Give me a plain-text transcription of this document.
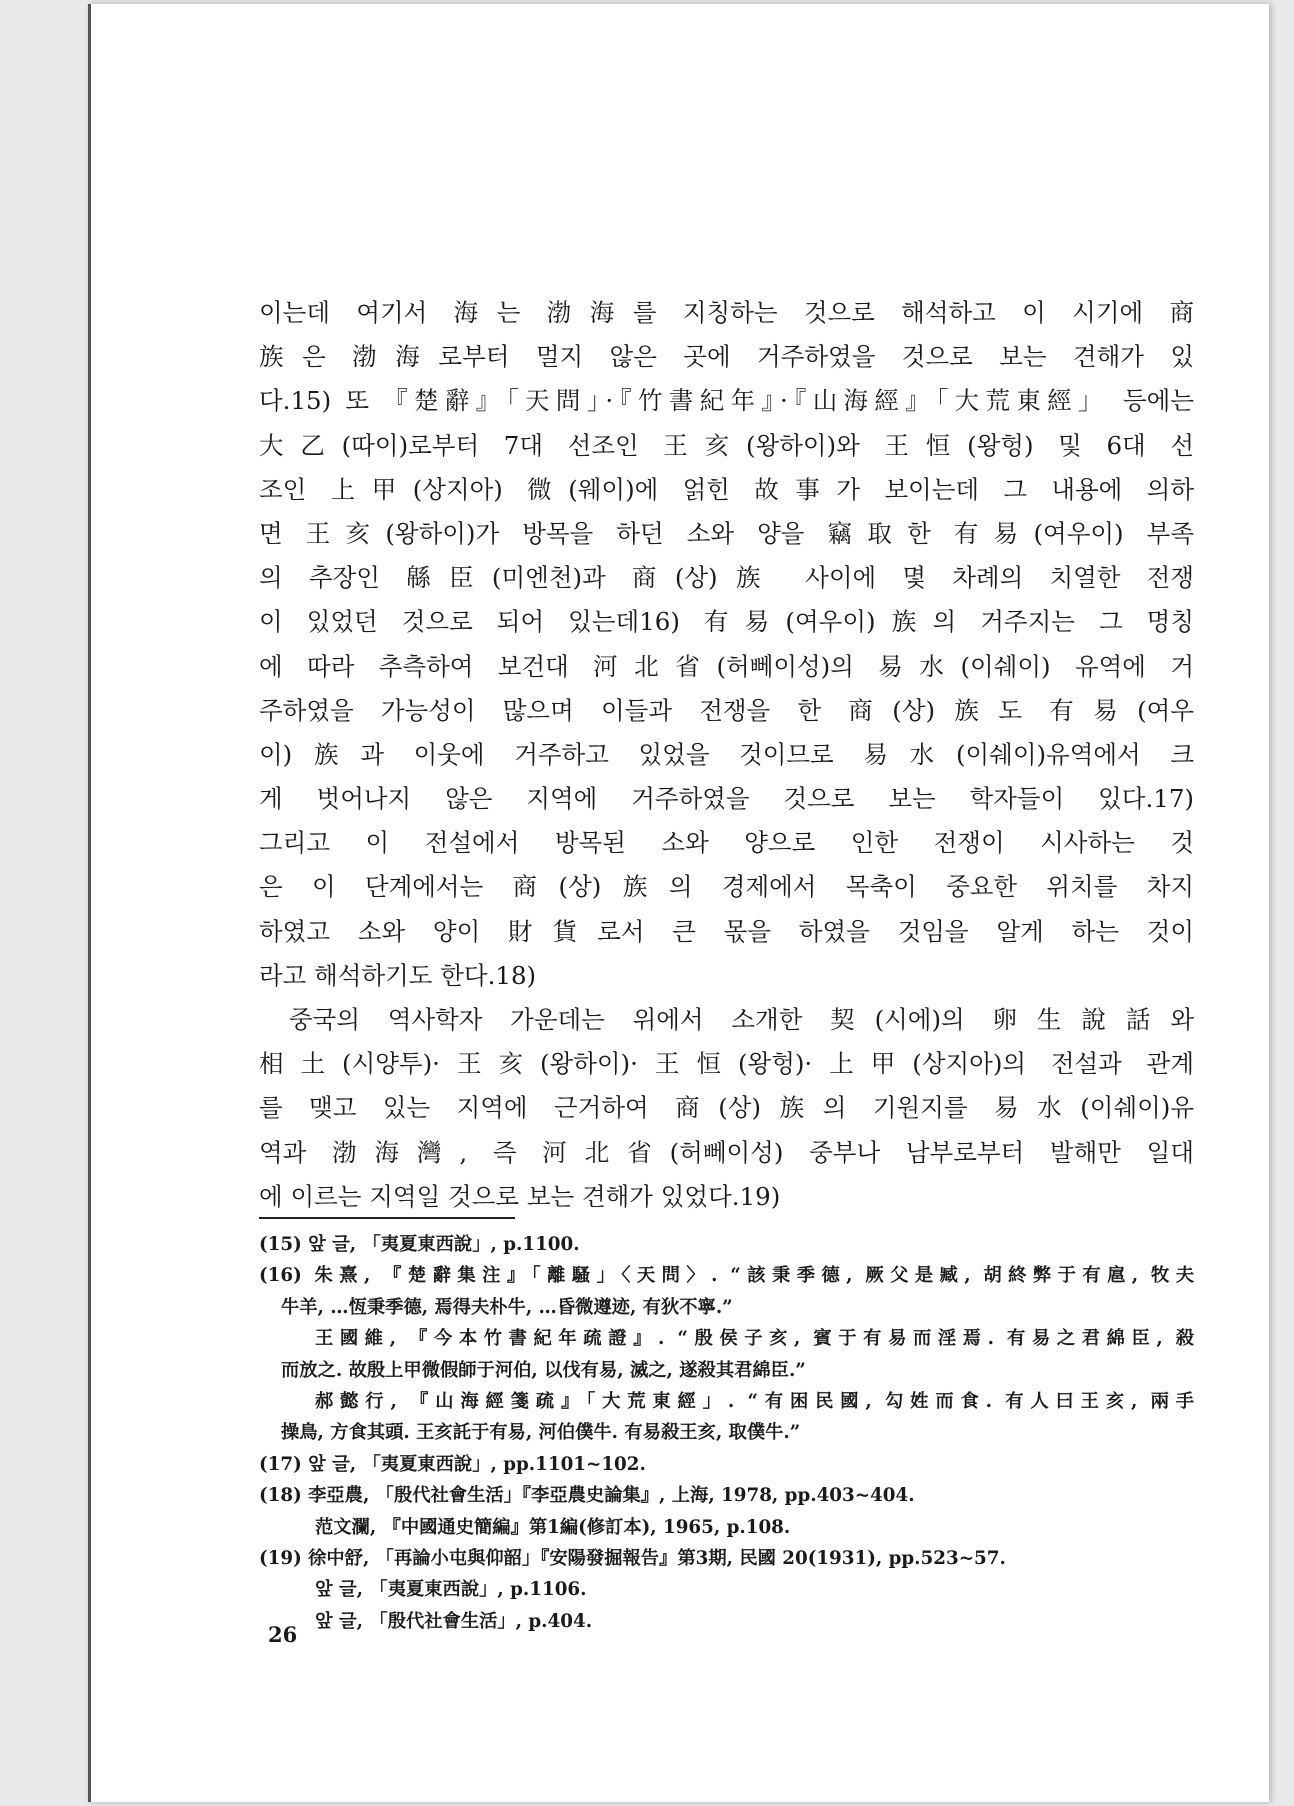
이는데 여기서 海는 渤海를 지칭하는 것으로 해석하고 이 시기에 商
族은 渤海로부터 멀지 않은 곳에 거주하였을 것으로 보는 견해가 있
다.15) 또 『楚辭』「天問」·『竹書紀年』·『山海經』「大荒東經」 등에는
大乙(따이)로부터 7대 선조인 王亥(왕하이)와 王恒(왕헝) 및 6대 선
조인 上甲(상지아) 微(웨이)에 얽힌 故事가 보이는데 그 내용에 의하
면 王亥(왕하이)가 방목을 하던 소와 양을 竊取한 有易(여우이) 부족
의 추장인 緜臣(미엔천)과 商(상)族 사이에 몇 차례의 치열한 전쟁
이 있었던 것으로 되어 있는데16) 有易(여우이)族의 거주지는 그 명칭
에 따라 추측하여 보건대 河北省(허뻬이성)의 易水(이쉐이) 유역에 거
주하였을 가능성이 많으며 이들과 전쟁을 한 商(상)族도 有易(여우
이)族과 이웃에 거주하고 있었을 것이므로 易水(이쉐이)유역에서 크
게 벗어나지 않은 지역에 거주하였을 것으로 보는 학자들이 있다.17)
그리고 이 전설에서 방목된 소와 양으로 인한 전쟁이 시사하는 것
은 이 단계에서는 商(상)族의 경제에서 목축이 중요한 위치를 차지
하였고 소와 양이 財貨로서 큰 몫을 하였을 것임을 알게 하는 것이
라고 해석하기도 한다.18)
중국의 역사학자 가운데는 위에서 소개한 契(시에)의 卵生說話와
相土(시양투)·王亥(왕하이)·王恒(왕헝)·上甲(상지아)의 전설과 관계
를 맺고 있는 지역에 근거하여 商(상)族의 기원지를 易水(이쉐이)유
역과 渤海灣, 즉 河北省(허뻬이성) 중부나 남부로부터 발해만 일대
에 이르는 지역일 것으로 보는 견해가 있었다.19)
(15) 앞 글, 「夷夏東西說」, p.1100.
(16) 朱熹, 『楚辭集注』「離騷」〈天問〉. “該秉季德, 厥父是臧, 胡終弊于有扈, 牧夫
牛羊, …恆秉季德, 焉得夫朴牛, …昏微遵迹, 有狄不寧.”
王國維, 『今本竹書紀年疏證』. “殷侯子亥, 賓于有易而淫焉. 有易之君綿臣, 殺
而放之. 故殷上甲微假師于河伯, 以伐有易, 滅之, 遂殺其君綿臣.”
郝懿行, 『山海經箋疏』「大荒東經」. “有困民國, 勾姓而食. 有人曰王亥, 兩手
操鳥, 方食其頭. 王亥託于有易, 河伯僕牛. 有易殺王亥, 取僕牛.”
(17) 앞 글, 「夷夏東西說」, pp.1101~102.
(18) 李亞農, 「殷代社會生活」『李亞農史論集』, 上海, 1978, pp.403~404.
范文瀾, 『中國通史簡編』第1編(修訂本), 1965, p.108.
(19) 徐中舒, 「再論小屯與仰韶」『安陽發掘報告』第3期, 民國 20(1931), pp.523~57.
앞 글, 「夷夏東西說」, p.1106.
앞 글, 「殷代社會生活」, p.404.
26
